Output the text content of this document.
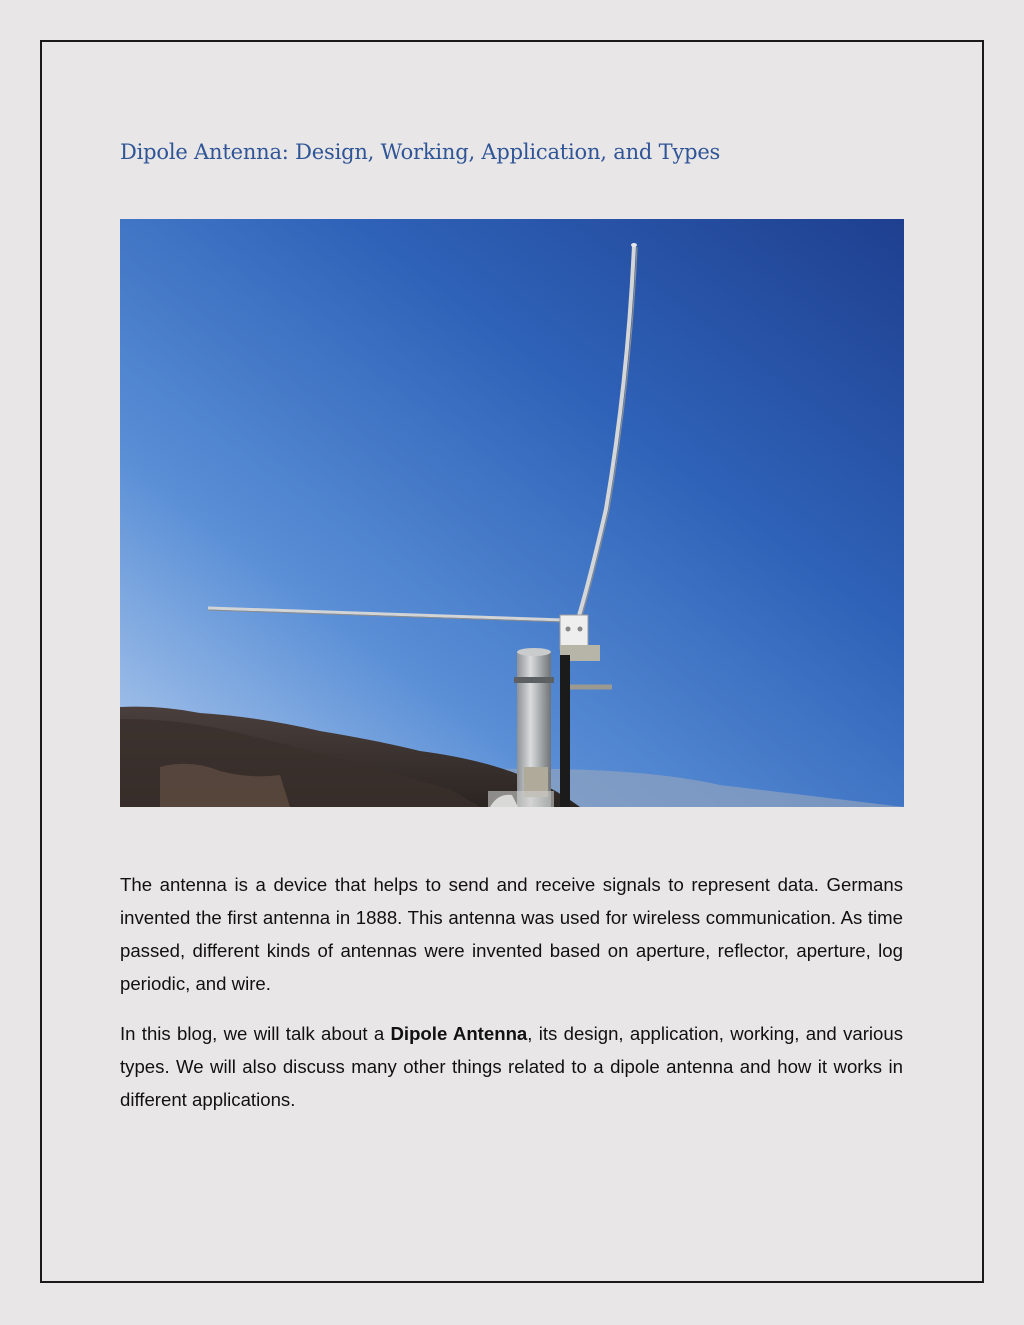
Dipole Antenna: Design, Working, Application, and Types

The antenna is a device that helps to send and receive signals to represent data. Germans invented the first antenna in 1888. This antenna was used for wireless communication. As time passed, different kinds of antennas were invented based on aperture, reflector, aperture, log periodic, and wire.

In this blog, we will talk about a Dipole Antenna, its design, application, working, and various types. We will also discuss many other things related to a dipole antenna and how it works in different applications.
